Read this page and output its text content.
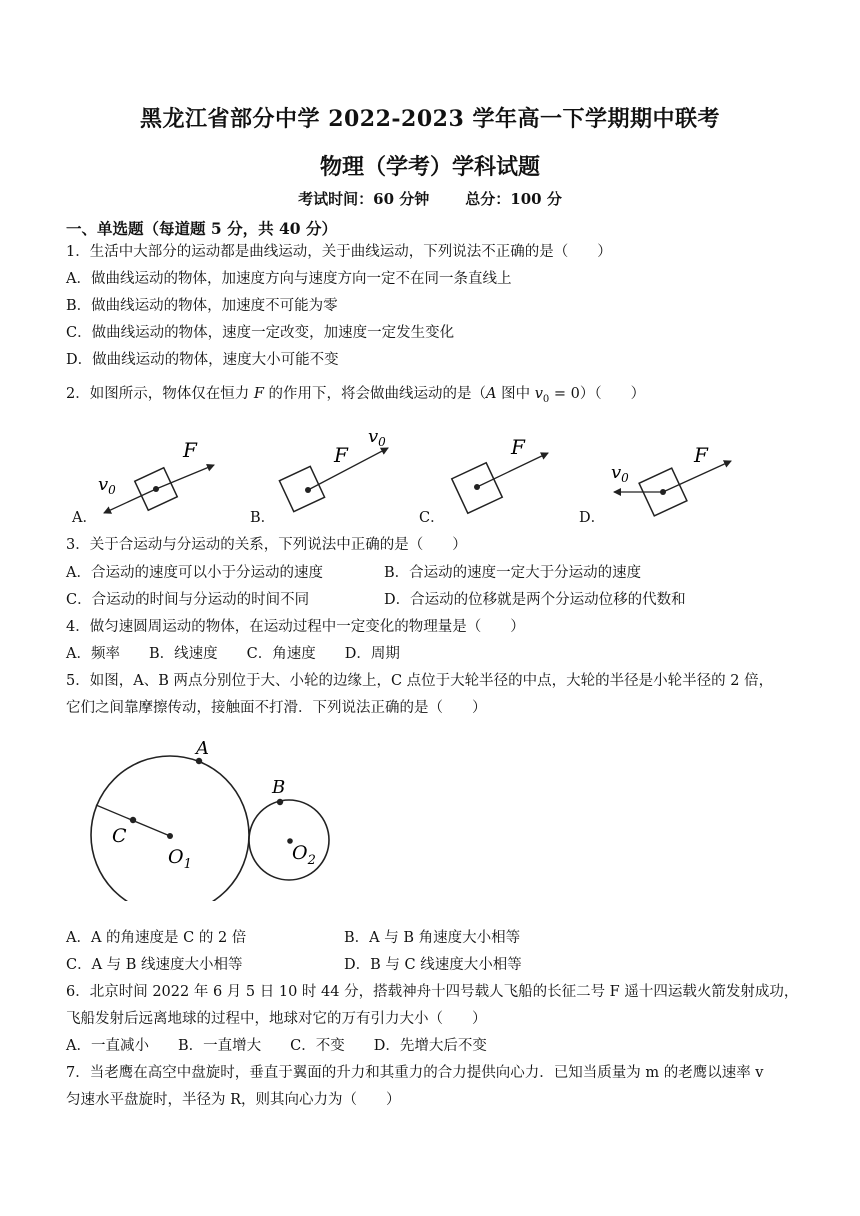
黑龙江省部分中学 2022-2023 学年高一下学期期中联考
物理（学考）学科试题
考试时间：60 分钟 总分：100 分
一、单选题（每道题 5 分，共 40 分）
1．生活中大部分的运动都是曲线运动，关于曲线运动，下列说法不正确的是（　　）
A．做曲线运动的物体，加速度方向与速度方向一定不在同一条直线上
B．做曲线运动的物体，加速度不可能为零
C．做曲线运动的物体，速度一定改变，加速度一定发生变化
D．做曲线运动的物体，速度大小可能不变
2．如图所示，物体仅在恒力 F 的作用下，将会做曲线运动的是（A 图中 $v_0 = 0$）（　　）
F
$v_0$
F
$v_0$	F	F
$v_0$
A．	B．	C．	D．
3．关于合运动与分运动的关系，下列说法中正确的是（　　）
A．合运动的速度可以小于分运动的速度	B．合运动的速度一定大于分运动的速度
C．合运动的时间与分运动的时间不同	D．合运动的位移就是两个分运动位移的代数和
4．做匀速圆周运动的物体，在运动过程中一定变化的物理量是（　　）
A．频率　　B．线速度　　C．角速度　　D．周期
5．如图，A、B 两点分别位于大、小轮的边缘上，C 点位于大轮半径的中点，大轮的半径是小轮半径的 2 倍，
它们之间靠摩擦传动，接触面不打滑．下列说法正确的是（　　）
A
B
C
$O_1$
$O_2$
A．A 的角速度是 C 的 2 倍	B．A 与 B 角速度大小相等
C．A 与 B 线速度大小相等	D．B 与 C 线速度大小相等
6．北京时间 2022 年 6 月 5 日 10 时 44 分，搭载神舟十四号载人飞船的长征二号 F 遥十四运载火箭发射成功，
飞船发射后远离地球的过程中，地球对它的万有引力大小（　　）
A．一直减小　　B．一直增大　　C．不变　　D．先增大后不变
7．当老鹰在高空中盘旋时，垂直于翼面的升力和其重力的合力提供向心力．已知当质量为 m 的老鹰以速率 v
匀速水平盘旋时，半径为 R，则其向心力为（　　）
